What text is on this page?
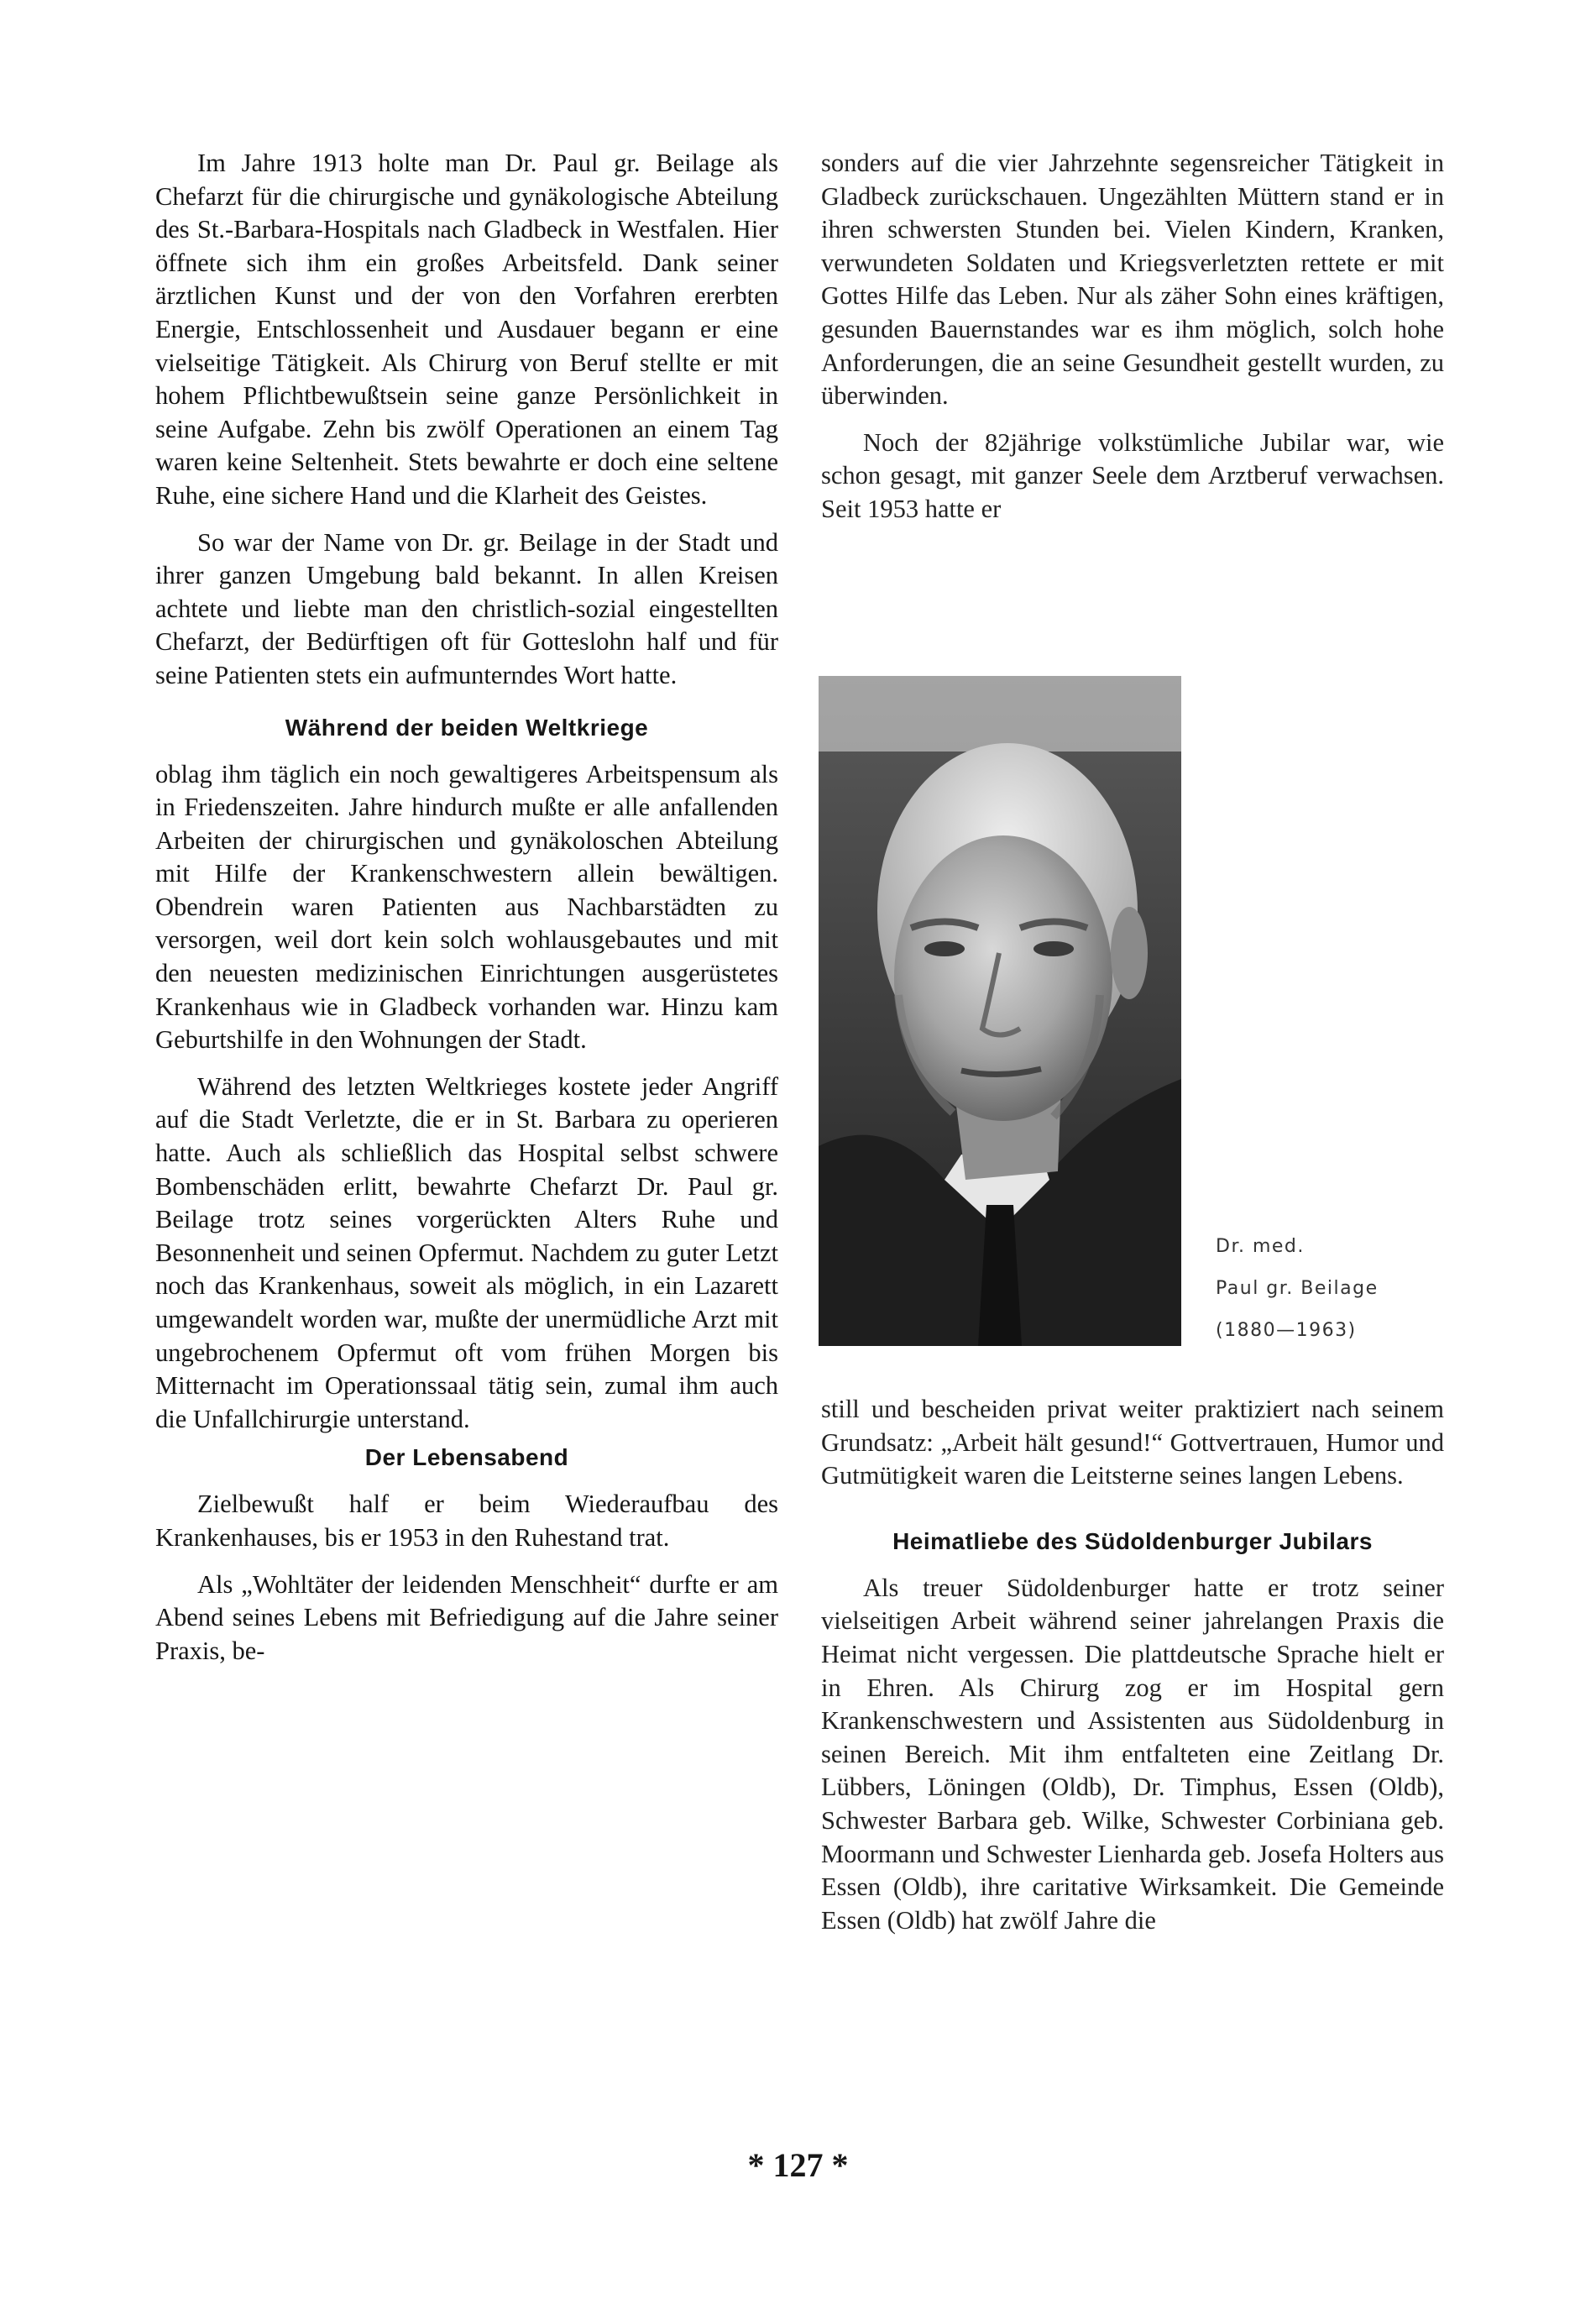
Im Jahre 1913 holte man Dr. Paul gr. Beilage als Chefarzt für die chirurgische und gynäkologische Abteilung des St.-Barbara-Hospitals nach Gladbeck in Westfalen. Hier öffnete sich ihm ein großes Arbeitsfeld. Dank seiner ärztlichen Kunst und der von den Vorfahren ererbten Energie, Entschlossenheit und Ausdauer begann er eine vielseitige Tätigkeit. Als Chirurg von Beruf stellte er mit hohem Pflichtbewußtsein seine ganze Persönlichkeit in seine Aufgabe. Zehn bis zwölf Operationen an einem Tag waren keine Seltenheit. Stets bewahrte er doch eine seltene Ruhe, eine sichere Hand und die Klarheit des Geistes.

So war der Name von Dr. gr. Beilage in der Stadt und ihrer ganzen Umgebung bald bekannt. In allen Kreisen achtete und liebte man den christlich-sozial eingestellten Chefarzt, der Bedürftigen oft für Gotteslohn half und für seine Patienten stets ein aufmunterndes Wort hatte.

Während der beiden Weltkriege

oblag ihm täglich ein noch gewaltigeres Arbeitspensum als in Friedenszeiten. Jahre hindurch mußte er alle anfallenden Arbeiten der chirurgischen und gynäkoloschen Abteilung mit Hilfe der Krankenschwestern allein bewältigen. Obendrein waren Patienten aus Nachbarstädten zu versorgen, weil dort kein solch wohlausgebautes und mit den neuesten medizinischen Einrichtungen ausgerüstetes Krankenhaus wie in Gladbeck vorhanden war. Hinzu kam Geburtshilfe in den Wohnungen der Stadt.

Während des letzten Weltkrieges kostete jeder Angriff auf die Stadt Verletzte, die er in St. Barbara zu operieren hatte. Auch als schließlich das Hospital selbst schwere Bombenschäden erlitt, bewahrte Chefarzt Dr. Paul gr. Beilage trotz seines vorgerückten Alters Ruhe und Besonnenheit und seinen Opfermut. Nachdem zu guter Letzt noch das Krankenhaus, soweit als möglich, in ein Lazarett umgewandelt worden war, mußte der unermüdliche Arzt mit ungebrochenem Opfermut oft vom frühen Morgen bis Mitternacht im Operationssaal tätig sein, zumal ihm auch die Unfallchirurgie unterstand.

Der Lebensabend

Zielbewußt half er beim Wiederaufbau des Krankenhauses, bis er 1953 in den Ruhestand trat.

Als „Wohltäter der leidenden Menschheit“ durfte er am Abend seines Lebens mit Befriedigung auf die Jahre seiner Praxis, be-

sonders auf die vier Jahrzehnte segensreicher Tätigkeit in Gladbeck zurückschauen. Ungezählten Müttern stand er in ihren schwersten Stunden bei. Vielen Kindern, Kranken, verwundeten Soldaten und Kriegsverletzten rettete er mit Gottes Hilfe das Leben. Nur als zäher Sohn eines kräftigen, gesunden Bauernstandes war es ihm möglich, solch hohe Anforderungen, die an seine Gesundheit gestellt wurden, zu überwinden.

Noch der 82jährige volkstümliche Jubilar war, wie schon gesagt, mit ganzer Seele dem Arztberuf verwachsen. Seit 1953 hatte er

Dr. med.
Paul gr. Beilage
(1880—1963)

still und bescheiden privat weiter praktiziert nach seinem Grundsatz: „Arbeit hält gesund!“ Gottvertrauen, Humor und Gutmütigkeit waren die Leitsterne seines langen Lebens.

Heimatliebe des Südoldenburger Jubilars

Als treuer Südoldenburger hatte er trotz seiner vielseitigen Arbeit während seiner jahrelangen Praxis die Heimat nicht vergessen. Die plattdeutsche Sprache hielt er in Ehren. Als Chirurg zog er im Hospital gern Krankenschwestern und Assistenten aus Südoldenburg in seinen Bereich. Mit ihm entfalteten eine Zeitlang Dr. Lübbers, Löningen (Oldb), Dr. Timphus, Essen (Oldb), Schwester Barbara geb. Wilke, Schwester Corbiniana geb. Moormann und Schwester Lienharda geb. Josefa Holters aus Essen (Oldb), ihre caritative Wirksamkeit. Die Gemeinde Essen (Oldb) hat zwölf Jahre die

* 127 *
